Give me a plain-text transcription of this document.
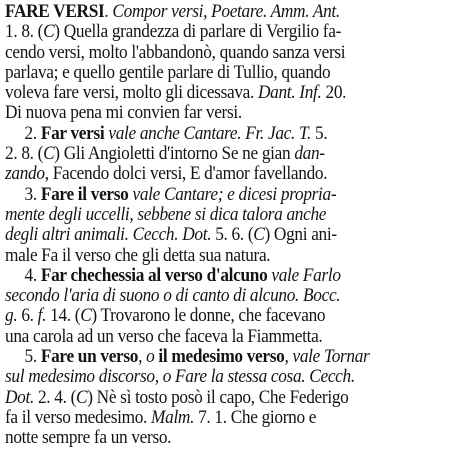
FARE VERSI. Compor versi, Poetare. Amm. Ant.
1. 8. (C) Quella grandezza di parlare di Vergilio fa-
cendo versi, molto l'abbandonò, quando sanza versi
parlava; e quello gentile parlare di Tullio, quando
voleva fare versi, molto gli dicessava. Dant. Inf. 20.
Di nuova pena mi convien far versi.
2. Far versi vale anche Cantare. Fr. Jac. T. 5.
2. 8. (C) Gli Angioletti d'intorno Se ne gian dan-
zando, Facendo dolci versi, E d'amor favellando.
3. Fare il verso vale Cantare; e dicesi propria-
mente degli uccelli, sebbene si dica talora anche
degli altri animali. Cecch. Dot. 5. 6. (C) Ogni ani-
male Fa il verso che gli detta sua natura.
4. Far chechessia al verso d'alcuno vale Farlo
secondo l'aria di suono o di canto di alcuno. Bocc.
g. 6. f. 14. (C) Trovarono le donne, che facevano
una carola ad un verso che faceva la Fiammetta.
5. Fare un verso, o il medesimo verso, vale Tornar
sul medesimo discorso, o Fare la stessa cosa. Cecch.
Dot. 2. 4. (C) Nè sì tosto posò il capo, Che Federigo
fa il verso medesimo. Malm. 7. 1. Che giorno e
notte sempre fa un verso.
